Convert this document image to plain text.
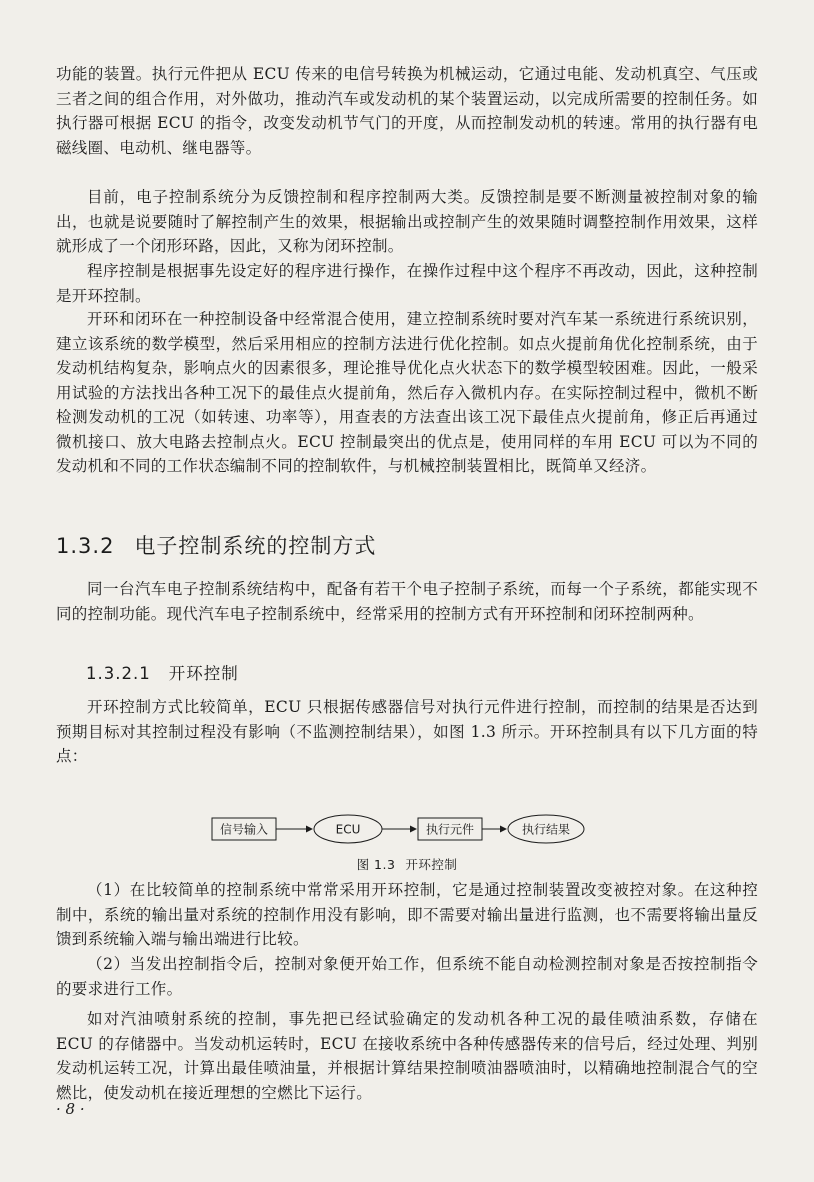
功能的装置。执行元件把从 ECU 传来的电信号转换为机械运动，它通过电能、发动机真空、气压或三者之间的组合作用，对外做功，推动汽车或发动机的某个装置运动，以完成所需要的控制任务。如执行器可根据 ECU 的指令，改变发动机节气门的开度，从而控制发动机的转速。常用的执行器有电磁线圈、电动机、继电器等。

目前，电子控制系统分为反馈控制和程序控制两大类。反馈控制是要不断测量被控制对象的输出，也就是说要随时了解控制产生的效果，根据输出或控制产生的效果随时调整控制作用效果，这样就形成了一个闭形环路，因此，又称为闭环控制。

程序控制是根据事先设定好的程序进行操作，在操作过程中这个程序不再改动，因此，这种控制是开环控制。

开环和闭环在一种控制设备中经常混合使用，建立控制系统时要对汽车某一系统进行系统识别，建立该系统的数学模型，然后采用相应的控制方法进行优化控制。如点火提前角优化控制系统，由于发动机结构复杂，影响点火的因素很多，理论推导优化点火状态下的数学模型较困难。因此，一般采用试验的方法找出各种工况下的最佳点火提前角，然后存入微机内存。在实际控制过程中，微机不断检测发动机的工况（如转速、功率等），用查表的方法查出该工况下最佳点火提前角，修正后再通过微机接口、放大电路去控制点火。ECU 控制最突出的优点是，使用同样的车用 ECU 可以为不同的发动机和不同的工作状态编制不同的控制软件，与机械控制装置相比，既简单又经济。

1.3.2 电子控制系统的控制方式

同一台汽车电子控制系统结构中，配备有若干个电子控制子系统，而每一个子系统，都能实现不同的控制功能。现代汽车电子控制系统中，经常采用的控制方式有开环控制和闭环控制两种。

1.3.2.1 开环控制

开环控制方式比较简单，ECU 只根据传感器信号对执行元件进行控制，而控制的结果是否达到预期目标对其控制过程没有影响（不监测控制结果），如图 1.3 所示。开环控制具有以下几方面的特点：

信号输入	ECU	执行元件	执行结果
图 1.3 开环控制

（1）在比较简单的控制系统中常常采用开环控制，它是通过控制装置改变被控对象。在这种控制中，系统的输出量对系统的控制作用没有影响，即不需要对输出量进行监测，也不需要将输出量反馈到系统输入端与输出端进行比较。

（2）当发出控制指令后，控制对象便开始工作，但系统不能自动检测控制对象是否按控制指令的要求进行工作。

如对汽油喷射系统的控制，事先把已经试验确定的发动机各种工况的最佳喷油系数，存储在 ECU 的存储器中。当发动机运转时，ECU 在接收系统中各种传感器传来的信号后，经过处理、判别发动机运转工况，计算出最佳喷油量，并根据计算结果控制喷油器喷油时，以精确地控制混合气的空燃比，使发动机在接近理想的空燃比下运行。

· 8 ·
